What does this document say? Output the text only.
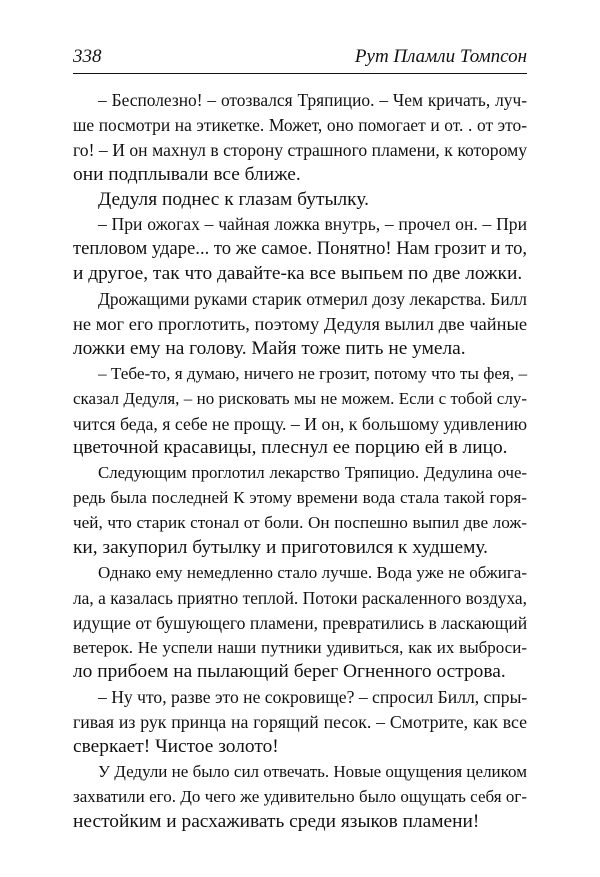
338	Рут Пламли Томпсон
– Бесполезно! – отозвался Тряпицио. – Чем кричать, луч-
ше посмотри на этикетке. Может, оно помогает и от. . от это-
го! – И он махнул в сторону страшного пламени, к которому
они подплывали все ближе.
Дедуля поднес к глазам бутылку.
– При ожогах – чайная ложка внутрь, – прочел он. – При
тепловом ударе... то же самое. Понятно! Нам грозит и то,
и другое, так что давайте-ка все выпьем по две ложки.
Дрожащими руками старик отмерил дозу лекарства. Билл
не мог его проглотить, поэтому Дедуля вылил две чайные
ложки ему на голову. Майя тоже пить не умела.
– Тебе-то, я думаю, ничего не грозит, потому что ты фея, –
сказал Дедуля, – но рисковать мы не можем. Если с тобой слу-
чится беда, я себе не прощу. – И он, к большому удивлению
цветочной красавицы, плеснул ее порцию ей в лицо.
Следующим проглотил лекарство Тряпицио. Дедулина оче-
редь была последней К этому времени вода стала такой горя-
чей, что старик стонал от боли. Он поспешно выпил две лож-
ки, закупорил бутылку и приготовился к худшему.
Однако ему немедленно стало лучше. Вода уже не обжига-
ла, а казалась приятно теплой. Потоки раскаленного воздуха,
идущие от бушующего пламени, превратились в ласкающий
ветерок. Не успели наши путники удивиться, как их выброси-
ло прибоем на пылающий берег Огненного острова.
– Ну что, разве это не сокровище? – спросил Билл, спры-
гивая из рук принца на горящий песок. – Смотрите, как все
сверкает! Чистое золото!
У Дедули не было сил отвечать. Новые ощущения целиком
захватили его. До чего же удивительно было ощущать себя ог-
нестойким и расхаживать среди языков пламени!
